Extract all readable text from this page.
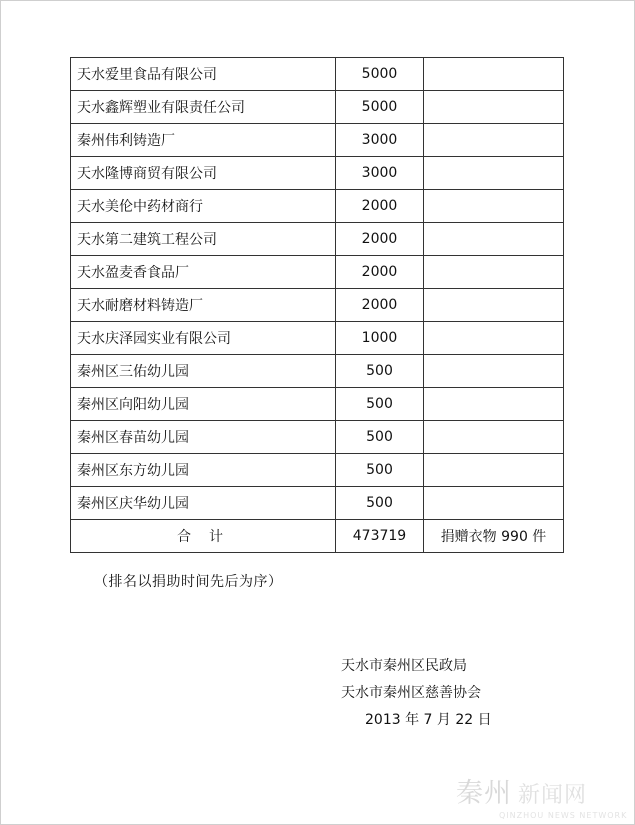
天水爱里食品有限公司	5000	
天水鑫辉塑业有限责任公司	5000	
秦州伟利铸造厂	3000	
天水隆博商贸有限公司	3000	
天水美伦中药材商行	2000	
天水第二建筑工程公司	2000	
天水盈麦香食品厂	2000	
天水耐磨材料铸造厂	2000	
天水庆泽园实业有限公司	1000	
秦州区三佑幼儿园	500	
秦州区向阳幼儿园	500	
秦州区春苗幼儿园	500	
秦州区东方幼儿园	500	
秦州区庆华幼儿园	500	
合计	473719	捐赠衣物 990 件
（排名以捐助时间先后为序）
天水市秦州区民政局
天水市秦州区慈善协会
2013 年 7 月 22 日
秦州 新闻网
QINZHOU NEWS NETWORK
